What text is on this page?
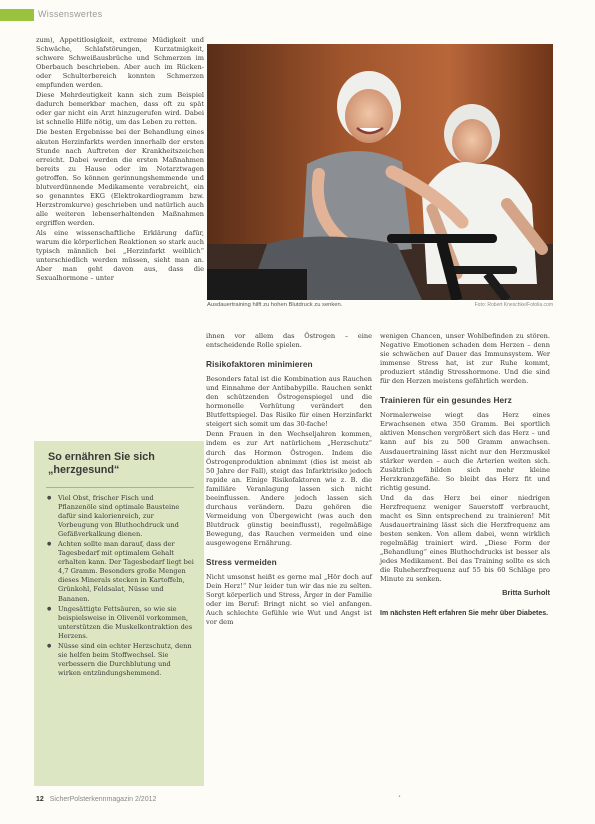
Wissenswertes

zum), Appetitlosigkeit, extreme Müdigkeit und Schwäche, Schlafstörungen, Kurzatmigkeit, schwere Schweißausbrüche und Schmerzen im Oberbauch beschrieben. Aber auch im Rücken- oder Schulterbereich konnten Schmerzen empfunden werden.

Diese Mehrdeutigkeit kann sich zum Beispiel dadurch bemerkbar machen, dass oft zu spät oder gar nicht ein Arzt hinzugerufen wird. Dabei ist schnelle Hilfe nötig, um das Leben zu retten.

Die besten Ergebnisse bei der Behandlung eines akuten Herzinfarkts werden innerhalb der ersten Stunde nach Auftreten der Krankheitszeichen erreicht. Dabei werden die ersten Maßnahmen bereits zu Hause oder im Notarztwagen getroffen. So können gerinnungshemmende und blutverdünnende Medikamente verabreicht, ein so genanntes EKG (Elektrokardiogramm bzw. Herzstromkurve) geschrieben und natürlich auch alle weiteren lebenserhaltenden Maßnahmen ergriffen werden.

Als eine wissenschaftliche Erklärung dafür, warum die körperlichen Reaktionen so stark auch typisch männlich bei „Herzinfarkt weiblich“ unterschiedlich werden müssen, sieht man an. Aber man geht davon aus, dass die Sexualhormone – unter

Ausdauertraining hilft zu hohen Blutdruck zu senken.	Foto: Robert Kneschke/Fotolia.com

ihnen vor allem das Östrogen – eine entscheidende Rolle spielen.

Risikofaktoren minimieren

Besonders fatal ist die Kombination aus Rauchen und Einnahme der Antibabypille. Rauchen senkt den schützenden Östrogenspiegel und die hormonelle Verhütung verändert den Blutfettspiegel. Das Risiko für einen Herzinfarkt steigert sich somit um das 30-fache!

Denn Frauen in den Wechseljahren kommen, indem es zur Art natürlichem „Herzschutz“ durch das Hormon Östrogen. Indem die Östrogenproduktion abnimmt (dies ist meist ab 50 Jahre der Fall), steigt das Infarktrisiko jedoch rapide an. Einige Risikofaktoren wie z. B. die familiäre Veranlagung lassen sich nicht beeinflussen. Andere jedoch lassen sich durchaus verändern. Dazu gehören die Vermeidung von Übergewicht (was auch den Blutdruck günstig beeinflusst), regelmäßige Bewegung, das Rauchen vermeiden und eine ausgewogene Ernährung.

Stress vermeiden

Nicht umsonst heißt es gerne mal „Hör doch auf Dein Herz!“ Nur leider tun wir das nie zu selten. Sorgt körperlich und Stress, Ärger in der Familie oder im Beruf: Bringt nicht so viel anfangen. Auch schlechte Gefühle wie Wut und Angst ist vor dem

wenigen Chancen, unser Wohlbefinden zu stören. Negative Emotionen schaden dem Herzen – denn sie schwächen auf Dauer das Immunsystem. Wer immense Stress hat, ist zur Ruhe kommt, produziert ständig Stresshormone. Und die sind für den Herzen meistens gefährlich werden.

Trainieren für ein gesundes Herz

Normalerweise wiegt das Herz eines Erwachsenen etwa 350 Gramm. Bei sportlich aktiven Menschen vergrößert sich das Herz – und kann auf bis zu 500 Gramm anwachsen. Ausdauertraining lässt nicht nur den Herzmuskel stärker werden – auch die Arterien weiten sich. Zusätzlich bilden sich mehr kleine Herzkranzgefäße. So bleibt das Herz fit und richtig gesund.

Und da das Herz bei einer niedrigen Herzfrequenz weniger Sauerstoff verbraucht, macht es Sinn entsprechend zu trainieren! Mit Ausdauertraining lässt sich die Herzfrequenz am besten senken. Von allem dabei, wenn wirklich regelmäßig trainiert wird. „Diese Form der „Behandlung“ eines Bluthochdrucks ist besser als jedes Medikament. Bei das Training sollte es sich die Ruheherzfrequenz auf 55 bis 60 Schläge pro Minute zu senken.

Britta Surholt
Im nächsten Heft erfahren Sie mehr über Diabetes.
So ernähren Sie sich
„herzgesund“
● Viel Obst, frischer Fisch und Pflanzenöle sind optimale Bausteine dafür sind kalorienreich, zur Vorbeugung von Bluthochdruck und Gefäßverkalkung dienen.
● Achten sollte man darauf, dass der Tagesbedarf mit optimalem Gehalt erhalten kann. Der Tagesbedarf liegt bei 4,7 Gramm. Besonders große Mengen dieses Minerals stecken in Kartoffeln, Grünkohl, Feldsalat, Nüsse und Bananen.
● Ungesättigte Fettsäuren, so wie sie beispielsweise in Olivenöl vorkommen, unterstützen die Muskelkontraktion des Herzens.
● Nüsse sind ein echter Herzschutz, denn sie helfen beim Stoffwechsel. Sie verbessern die Durchblutung und wirken entzündungshemmend.
12 SicherPolsterkennmagazin 2/2012	•
